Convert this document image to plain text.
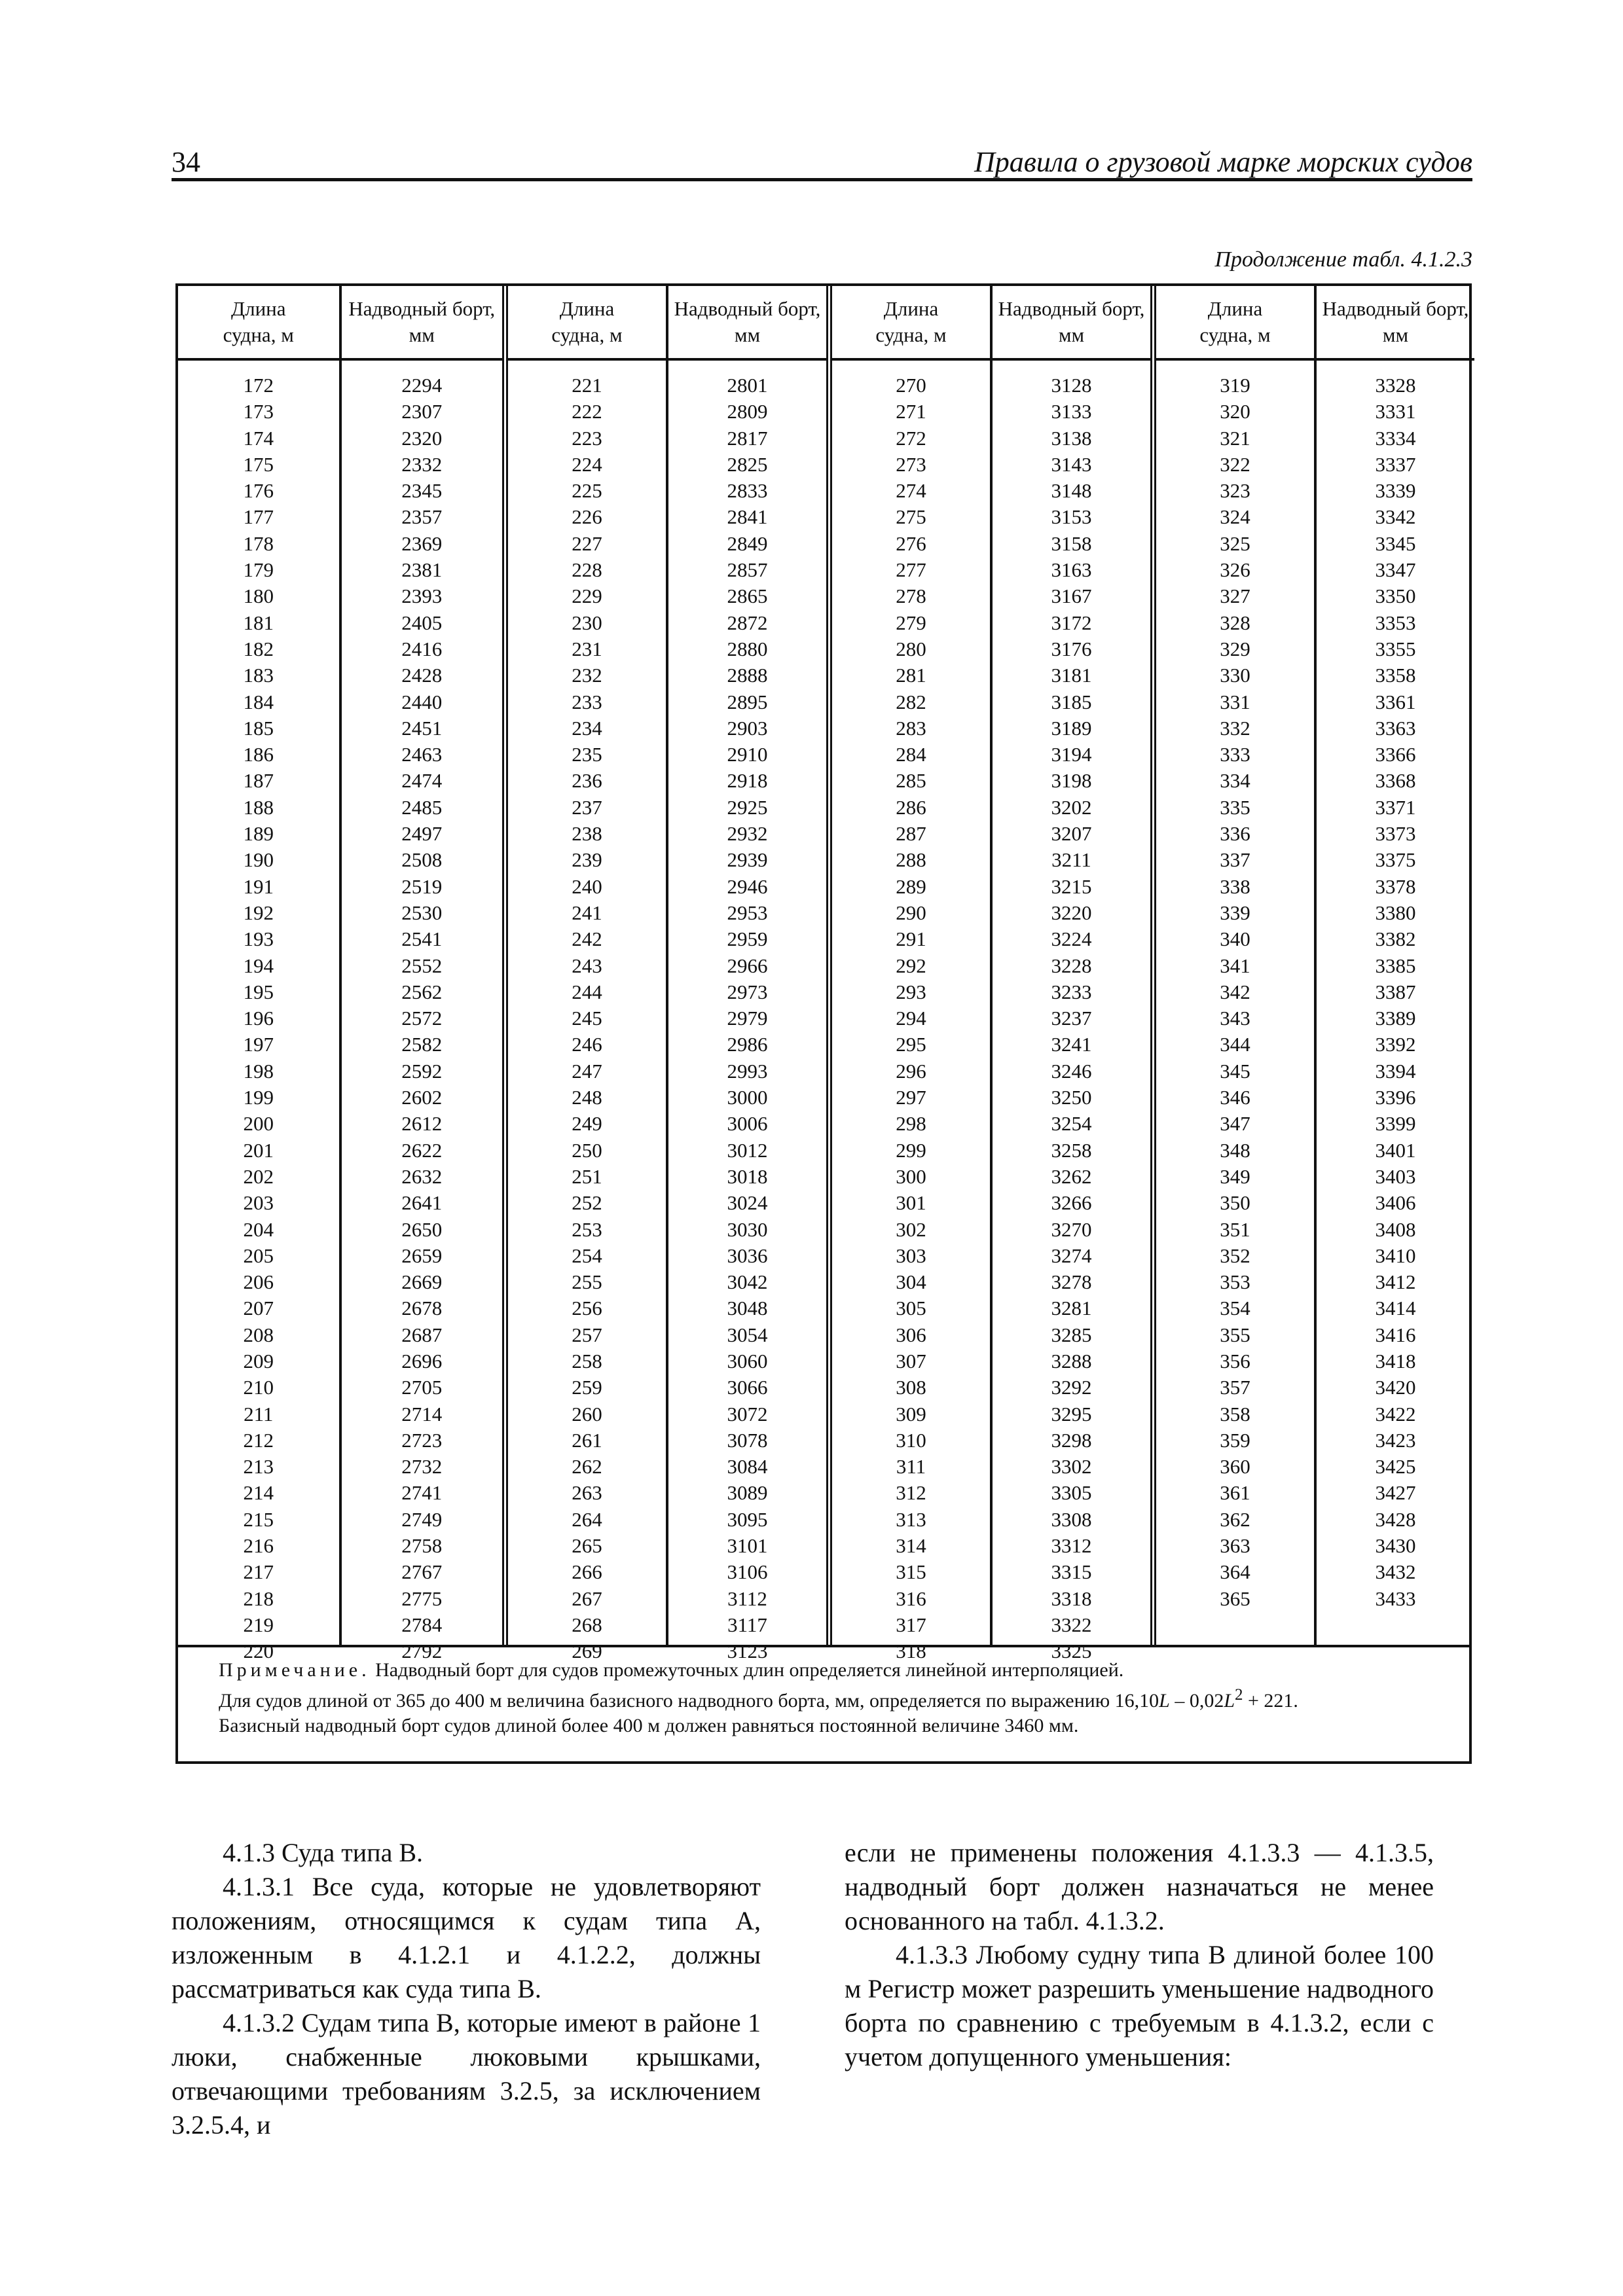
34	Правила о грузовой марке морских судов
Продолжение табл. 4.1.2.3
Длина
судна, м
Надводный борт,
мм
319
320
321
322
323
324
325
326
327
328
329
330
331
332
333
334
335
336
337
338
339
340
341
342
343
344
345
346
347
348
349
350
351
352
353
354
355
356
357
358
359
360
361
362
363
364
365
3328
3331
3334
3337
3339
3342
3345
3347
3350
3353
3355
3358
3361
3363
3366
3368
3371
3373
3375
3378
3380
3382
3385
3387
3389
3392
3394
3396
3399
3401
3403
3406
3408
3410
3412
3414
3416
3418
3420
3422
3423
3425
3427
3428
3430
3432
3433
Длина
судна, м
Надводный борт,
мм
270
271
272
273
274
275
276
277
278
279
280
281
282
283
284
285
286
287
288
289
290
291
292
293
294
295
296
297
298
299
300
301
302
303
304
305
306
307
308
309
310
311
312
313
314
315
316
317
318
3128
3133
3138
3143
3148
3153
3158
3163
3167
3172
3176
3181
3185
3189
3194
3198
3202
3207
3211
3215
3220
3224
3228
3233
3237
3241
3246
3250
3254
3258
3262
3266
3270
3274
3278
3281
3285
3288
3292
3295
3298
3302
3305
3308
3312
3315
3318
3322
3325
Длина
судна, м
Надводный борт,
мм
221
222
223
224
225
226
227
228
229
230
231
232
233
234
235
236
237
238
239
240
241
242
243
244
245
246
247
248
249
250
251
252
253
254
255
256
257
258
259
260
261
262
263
264
265
266
267
268
269
2801
2809
2817
2825
2833
2841
2849
2857
2865
2872
2880
2888
2895
2903
2910
2918
2925
2932
2939
2946
2953
2959
2966
2973
2979
2986
2993
3000
3006
3012
3018
3024
3030
3036
3042
3048
3054
3060
3066
3072
3078
3084
3089
3095
3101
3106
3112
3117
3123
Длина
судна, м
Надводный борт,
мм
172
173
174
175
176
177
178
179
180
181
182
183
184
185
186
187
188
189
190
191
192
193
194
195
196
197
198
199
200
201
202
203
204
205
206
207
208
209
210
211
212
213
214
215
216
217
218
219
220
2294
2307
2320
2332
2345
2357
2369
2381
2393
2405
2416
2428
2440
2451
2463
2474
2485
2497
2508
2519
2530
2541
2552
2562
2572
2582
2592
2602
2612
2622
2632
2641
2650
2659
2669
2678
2687
2696
2705
2714
2723
2732
2741
2749
2758
2767
2775
2784
2792
Примечание. Надводный борт для судов промежуточных длин определяется линейной интерполяцией.
Для судов длиной от 365 до 400 м величина базисного надводного борта, мм, определяется по выражению $16,10L - 0,02L^2 + 221$.
Базисный надводный борт судов длиной более 400 м должен равняться постоянной величине 3460 мм.

4.1.3 Суда типа В.

4.1.3.1 Все суда, которые не удовлетворяют положениям, относящимся к судам типа А, изложенным в 4.1.2.1 и 4.1.2.2, должны рассматриваться как суда типа В.

4.1.3.2 Судам типа В, которые имеют в районе 1 люки, снабженные люковыми крышками, отвечающими требованиям 3.2.5, за исключением 3.2.5.4, и

если не применены положения 4.1.3.3 — 4.1.3.5, надводный борт должен назначаться не менее основанного на табл. 4.1.3.2.

4.1.3.3 Любому судну типа В длиной более 100 м Регистр может разрешить уменьшение надводного борта по сравнению с требуемым в 4.1.3.2, если с учетом допущенного уменьшения:
